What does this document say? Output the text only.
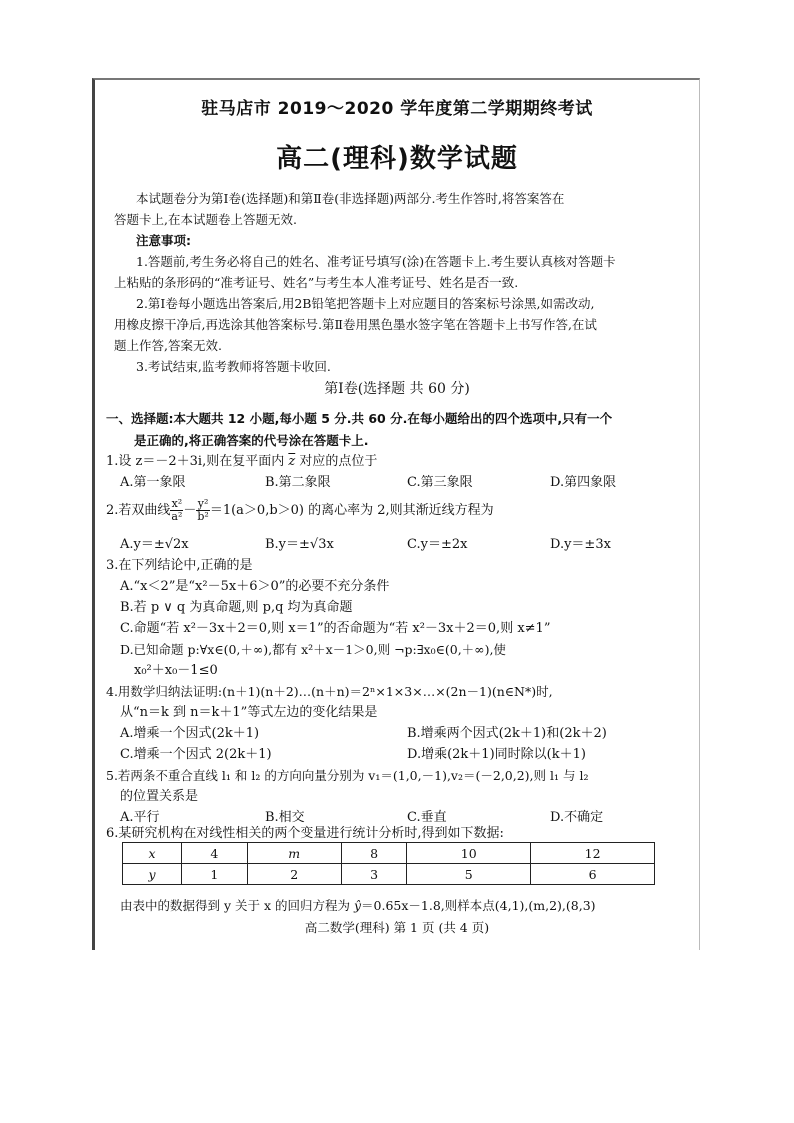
驻马店市 2019～2020 学年度第二学期期终考试
高二(理科)数学试题
本试题卷分为第Ⅰ卷(选择题)和第Ⅱ卷(非选择题)两部分.考生作答时,将答案答在
答题卡上,在本试题卷上答题无效.
注意事项:
1.答题前,考生务必将自己的姓名、准考证号填写(涂)在答题卡上.考生要认真核对答题卡
上粘贴的条形码的“准考证号、姓名”与考生本人准考证号、姓名是否一致.
2.第Ⅰ卷每小题选出答案后,用2B铅笔把答题卡上对应题目的答案标号涂黑,如需改动,
用橡皮擦干净后,再选涂其他答案标号.第Ⅱ卷用黑色墨水签字笔在答题卡上书写作答,在试
题上作答,答案无效.
3.考试结束,监考教师将答题卡收回.
第Ⅰ卷(选择题 共 60 分)
一、选择题:本大题共 12 小题,每小题 5 分.共 60 分.在每小题给出的四个选项中,只有一个
是正确的,将正确答案的代号涂在答题卡上.
1.设 z＝－2＋3i,则在复平面内 $\overline{z}$ 对应的点位于
A.第一象限	B.第二象限	C.第三象限	D.第四象限
2.若双曲线 $\frac{\text{x²}}{\text{a²}} - \frac{\text{y²}}{\text{b²}} =1(a>0,b>0)$ 的离心率为 2,则其渐近线方程为
A.y＝±√2x	B.y＝±√3x	C.y＝±2x	D.y＝±3x
3.在下列结论中,正确的是
A.“x＜2”是“x²－5x＋6＞0”的必要不充分条件
B.若 p ∨ q 为真命题,则 p,q 均为真命题
C.命题“若 x²－3x＋2＝0,则 x＝1”的否命题为“若 x²－3x＋2＝0,则 x≠1”
D.已知命题 p:∀x∈(0,＋∞),都有 x²＋x－1＞0,则 ¬p:∃x₀∈(0,＋∞),使
x₀²＋x₀－1≤0
4.用数学归纳法证明:(n＋1)(n＋2)…(n＋n)＝2ⁿ×1×3×…×(2n－1)(n∈N*)时,
从“n＝k 到 n＝k＋1”等式左边的变化结果是
A.增乘一个因式(2k＋1)	B.增乘两个因式(2k＋1)和(2k＋2)
C.增乘一个因式 2(2k＋1)	D.增乘(2k＋1)同时除以(k＋1)
5.若两条不重合直线 l₁ 和 l₂ 的方向向量分别为 v₁＝(1,0,－1),v₂＝(－2,0,2),则 l₁ 与 l₂
的位置关系是
A.平行	B.相交	C.垂直	D.不确定
6.某研究机构在对线性相关的两个变量进行统计分析时,得到如下数据:
x	4	m	8	10	12
y	1	2	3	5	6
由表中的数据得到 y 关于 x 的回归方程为 ŷ＝0.65x－1.8,则样本点(4,1),(m,2),(8,3)
高二数学(理科) 第 1 页 (共 4 页)
